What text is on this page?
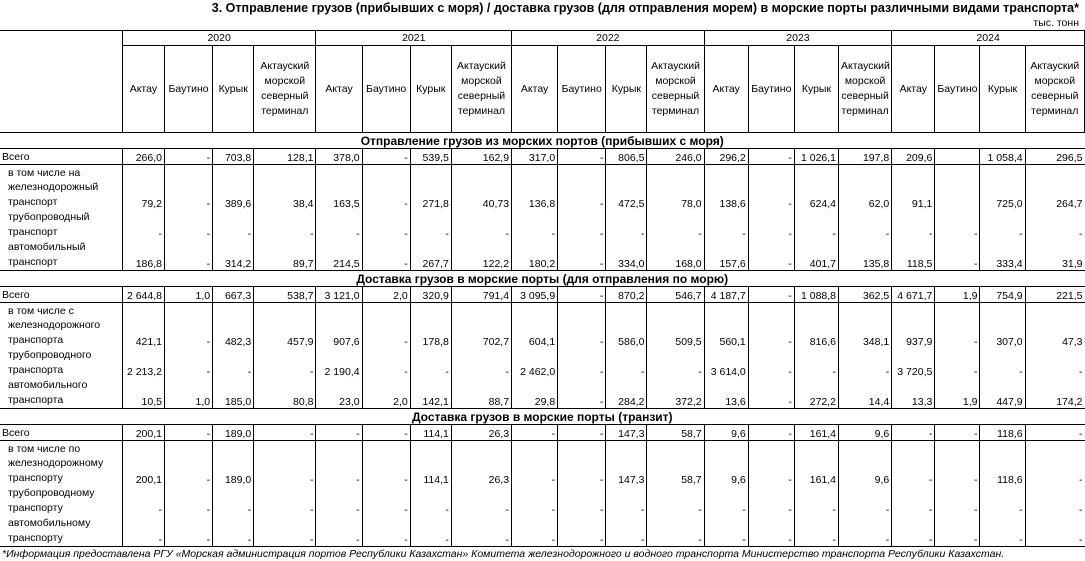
3. Отправление грузов (прибывших с моря) / доставка грузов (для отправления морем) в морские порты различными видами транспорта*
тыс. тонн
	2020				2021				2022				2023				2024			
	Актау	Баутино	Курык	Актауский морской северный терминал	Актау	Баутино	Курык	Актауский морской северный терминал	Актау	Баутино	Курык	Актауский морской северный терминал	Актау	Баутино	Курык	Актауский морской северный терминал	Актау	Баутино	Курык	Актауский морской северный терминал
Отправление грузов из морских портов (прибывших с моря)																				
Всего	266,0	-	703,8	128,1	378,0	-	539,5	162,9	317,0	-	806,5	246,0	296,2	-	1 026,1	197,8	209,6		1 058,4	296,5
в том числе на																				
железнодорожный транспорт	79,2	-	389,6	38,4	163,5	-	271,8	40,73	136,8	-	472,5	78,0	138,6	-	624,4	62,0	91,1		725,0	264,7
трубопроводный транспорт	-	-	-	-	-	-	-	-	-	-	-	-	-	-	-	-	-	-	-	-
автомобильный транспорт	186,8	-	314,2	89,7	214,5	-	267,7	122,2	180,2	-	334,0	168,0	157,6	-	401,7	135,8	118,5	-	333,4	31,9
Доставка грузов в морские порты (для отправления по морю)																				
Всего	2 644,8	1,0	667,3	538,7	3 121,0	2,0	320,9	791,4	3 095,9	-	870,2	546,7	4 187,7	-	1 088,8	362,5	4 671,7	1,9	754,9	221,5
в том числе с																				
железнодорожного транспорта	421,1	-	482,3	457,9	907,6	-	178,8	702,7	604,1	-	586,0	509,5	560,1	-	816,6	348,1	937,9	-	307,0	47,3
трубопроводного транспорта	2 213,2	-	-	-	2 190,4	-	-	-	2 462,0	-	-	-	3 614,0	-	-	-	3 720,5	-	-	-
автомобильного транспорта	10,5	1,0	185,0	80,8	23,0	2,0	142,1	88,7	29,8	-	284,2	372,2	13,6	-	272,2	14,4	13,3	1,9	447,9	174,2
Доставка грузов в морские порты (транзит)																				
Всего	200,1	-	189,0	-	-	-	114,1	26,3	-	-	147,3	58,7	9,6	-	161,4	9,6	-	-	118,6	-
в том числе по																				
железнодорожному транспорту	200,1	-	189,0	-	-	-	114,1	26,3	-	-	147,3	58,7	9,6	-	161,4	9,6	-	-	118,6	-
трубопроводному транспорту	-	-	-	-	-	-	-	-	-	-	-	-	-	-	-	-	-	-	-	-
автомобильному транспорту	-	-	-	-	-	-	-	-	-	-	-	-	-	-	-	-	-	-	-	-
*Информация предоставлена РГУ «Морская администрация портов Республики Казахстан» Комитета железнодорожного и водного транспорта Министерство транспорта Республики Казахстан.
